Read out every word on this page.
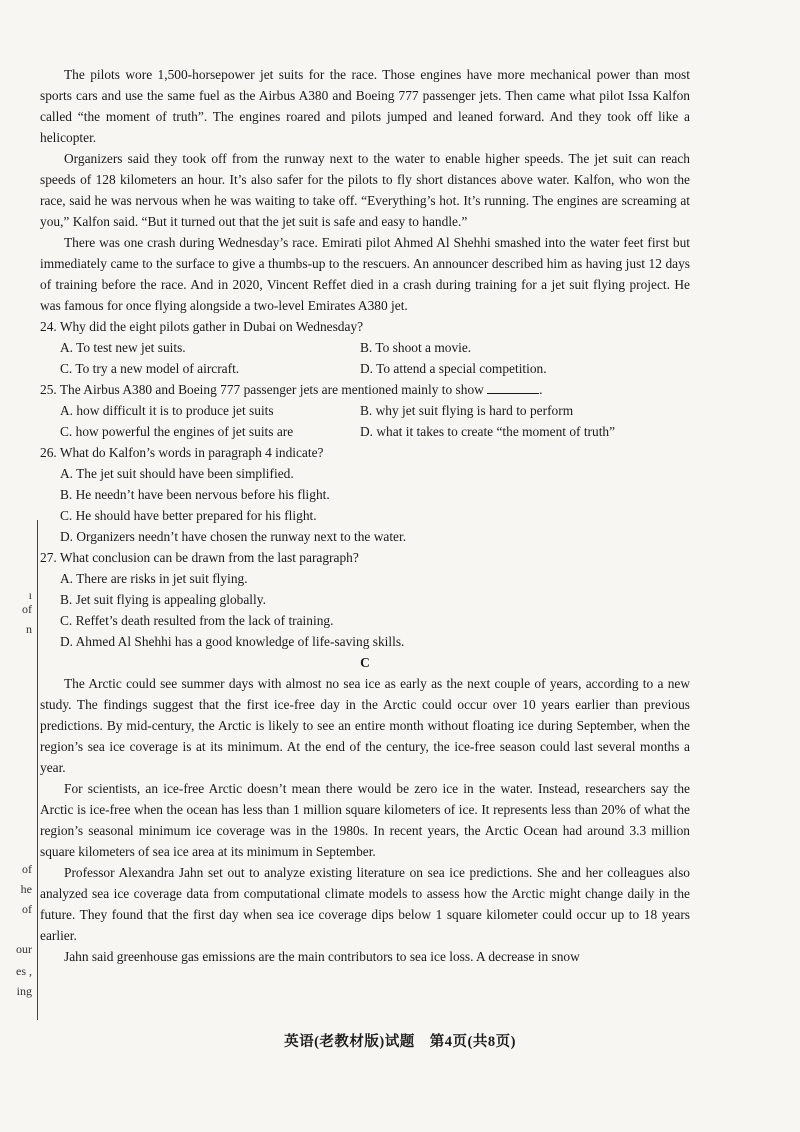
ı
of
n
of
he
of
our
es ,
ing

The pilots wore 1,500-horsepower jet suits for the race. Those engines have more mechanical power than most sports cars and use the same fuel as the Airbus A380 and Boeing 777 passenger jets. Then came what pilot Issa Kalfon called “the moment of truth”. The engines roared and pilots jumped and leaned forward. And they took off like a helicopter.

Organizers said they took off from the runway next to the water to enable higher speeds. The jet suit can reach speeds of 128 kilometers an hour. It’s also safer for the pilots to fly short distances above water. Kalfon, who won the race, said he was nervous when he was waiting to take off. “Everything’s hot. It’s running. The engines are screaming at you,” Kalfon said. “But it turned out that the jet suit is safe and easy to handle.”

There was one crash during Wednesday’s race. Emirati pilot Ahmed Al Shehhi smashed into the water feet first but immediately came to the surface to give a thumbs-up to the rescuers. An announcer described him as having just 12 days of training before the race. And in 2020, Vincent Reffet died in a crash during training for a jet suit flying project. He was famous for once flying alongside a two-level Emirates A380 jet.

24. Why did the eight pilots gather in Dubai on Wednesday?

A. To test new jet suits.	B. To shoot a movie.
C. To try a new model of aircraft.	D. To attend a special competition.

25. The Airbus A380 and Boeing 777 passenger jets are mentioned mainly to show	.

A. how difficult it is to produce jet suits	B. why jet suit flying is hard to perform
C. how powerful the engines of jet suits are	D. what it takes to create “the moment of truth”

26. What do Kalfon’s words in paragraph 4 indicate?

A. The jet suit should have been simplified.
B. He needn’t have been nervous before his flight.
C. He should have better prepared for his flight.
D. Organizers needn’t have chosen the runway next to the water.

27. What conclusion can be drawn from the last paragraph?

A. There are risks in jet suit flying.
B. Jet suit flying is appealing globally.
C. Reffet’s death resulted from the lack of training.
D. Ahmed Al Shehhi has a good knowledge of life-saving skills.

C

The Arctic could see summer days with almost no sea ice as early as the next couple of years, according to a new study. The findings suggest that the first ice-free day in the Arctic could occur over 10 years earlier than previous predictions. By mid-century, the Arctic is likely to see an entire month without floating ice during September, when the region’s sea ice coverage is at its minimum. At the end of the century, the ice-free season could last several months a year.

For scientists, an ice-free Arctic doesn’t mean there would be zero ice in the water. Instead, researchers say the Arctic is ice-free when the ocean has less than 1 million square kilometers of ice. It represents less than 20% of what the region’s seasonal minimum ice coverage was in the 1980s. In recent years, the Arctic Ocean had around 3.3 million square kilometers of sea ice area at its minimum in September.

Professor Alexandra Jahn set out to analyze existing literature on sea ice predictions. She and her colleagues also analyzed sea ice coverage data from computational climate models to assess how the Arctic might change daily in the future. They found that the first day when sea ice coverage dips below 1 square kilometer could occur up to 18 years earlier.

Jahn said greenhouse gas emissions are the main contributors to sea ice loss. A decrease in snow

英语(老教材版)试题　第4页(共8页)
